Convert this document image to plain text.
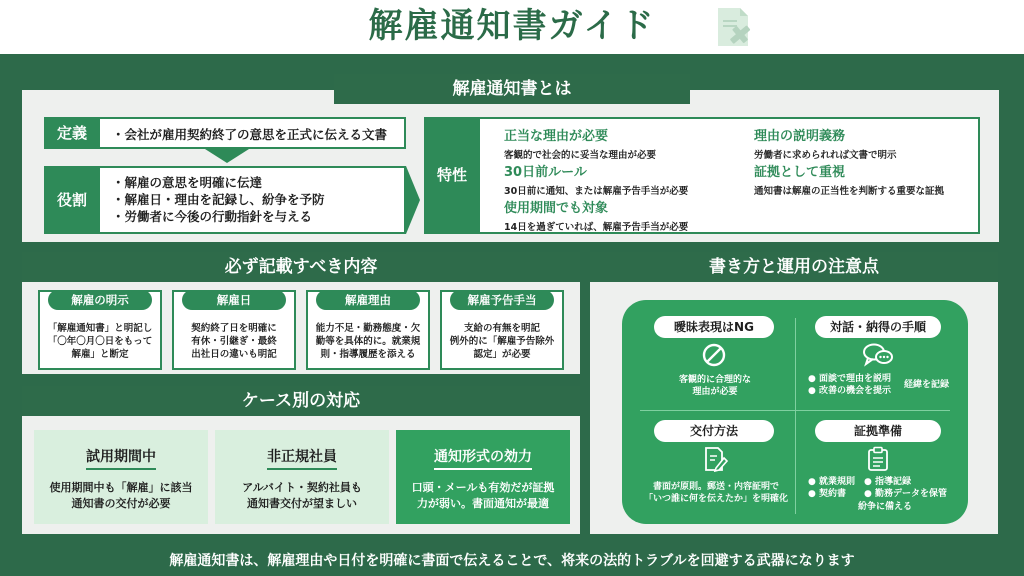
解雇通知書ガイド
解雇通知書とは
定義	・会社が雇用契約終了の意思を正式に伝える文書
役割
・解雇の意思を明確に伝達
・解雇日・理由を記録し、紛争を予防
・労働者に今後の行動指針を与える
特性
正当な理由が必要
客観的で社会的に妥当な理由が必要
30日前ルール
30日前に通知、または解雇予告手当が必要
使用期間でも対象
14日を過ぎていれば、解雇予告手当が必要
理由の説明義務
労働者に求められれば文書で明示
証拠として重視
通知書は解雇の正当性を判断する重要な証拠
必ず記載すべき内容
解雇の明示
「解雇通知書」と明記し
「〇年〇月〇日をもって
解雇」と断定
解雇日
契約終了日を明確に
有休・引継ぎ・最終
出社日の違いも明記
解雇理由
能力不足・勤務態度・欠
勤等を具体的に。就業規
則・指導履歴を添える
解雇予告手当
支給の有無を明記
例外的に「解雇予告除外
認定」が必要
ケース別の対応
試用期間中
使用期間中も「解雇」に該当
通知書の交付が必要
非正規社員
アルバイト・契約社員も
通知書交付が望ましい
通知形式の効力
口頭・メールも有効だが証拠
力が弱い。書面通知が最適
書き方と運用の注意点
曖昧表現はNG
客観的に合理的な
理由が必要
対話・納得の手順
● 面談で理由を説明
● 改善の機会を提示
経緯を記録
交付方法
書面が原則。郵送・内容証明で
「いつ誰に何を伝えたか」を明確化
証拠準備
● 就業規則
● 契約書
● 指導記録
● 勤務データを保管
紛争に備える
解雇通知書は、解雇理由や日付を明確に書面で伝えることで、将来の法的トラブルを回避する武器になります
